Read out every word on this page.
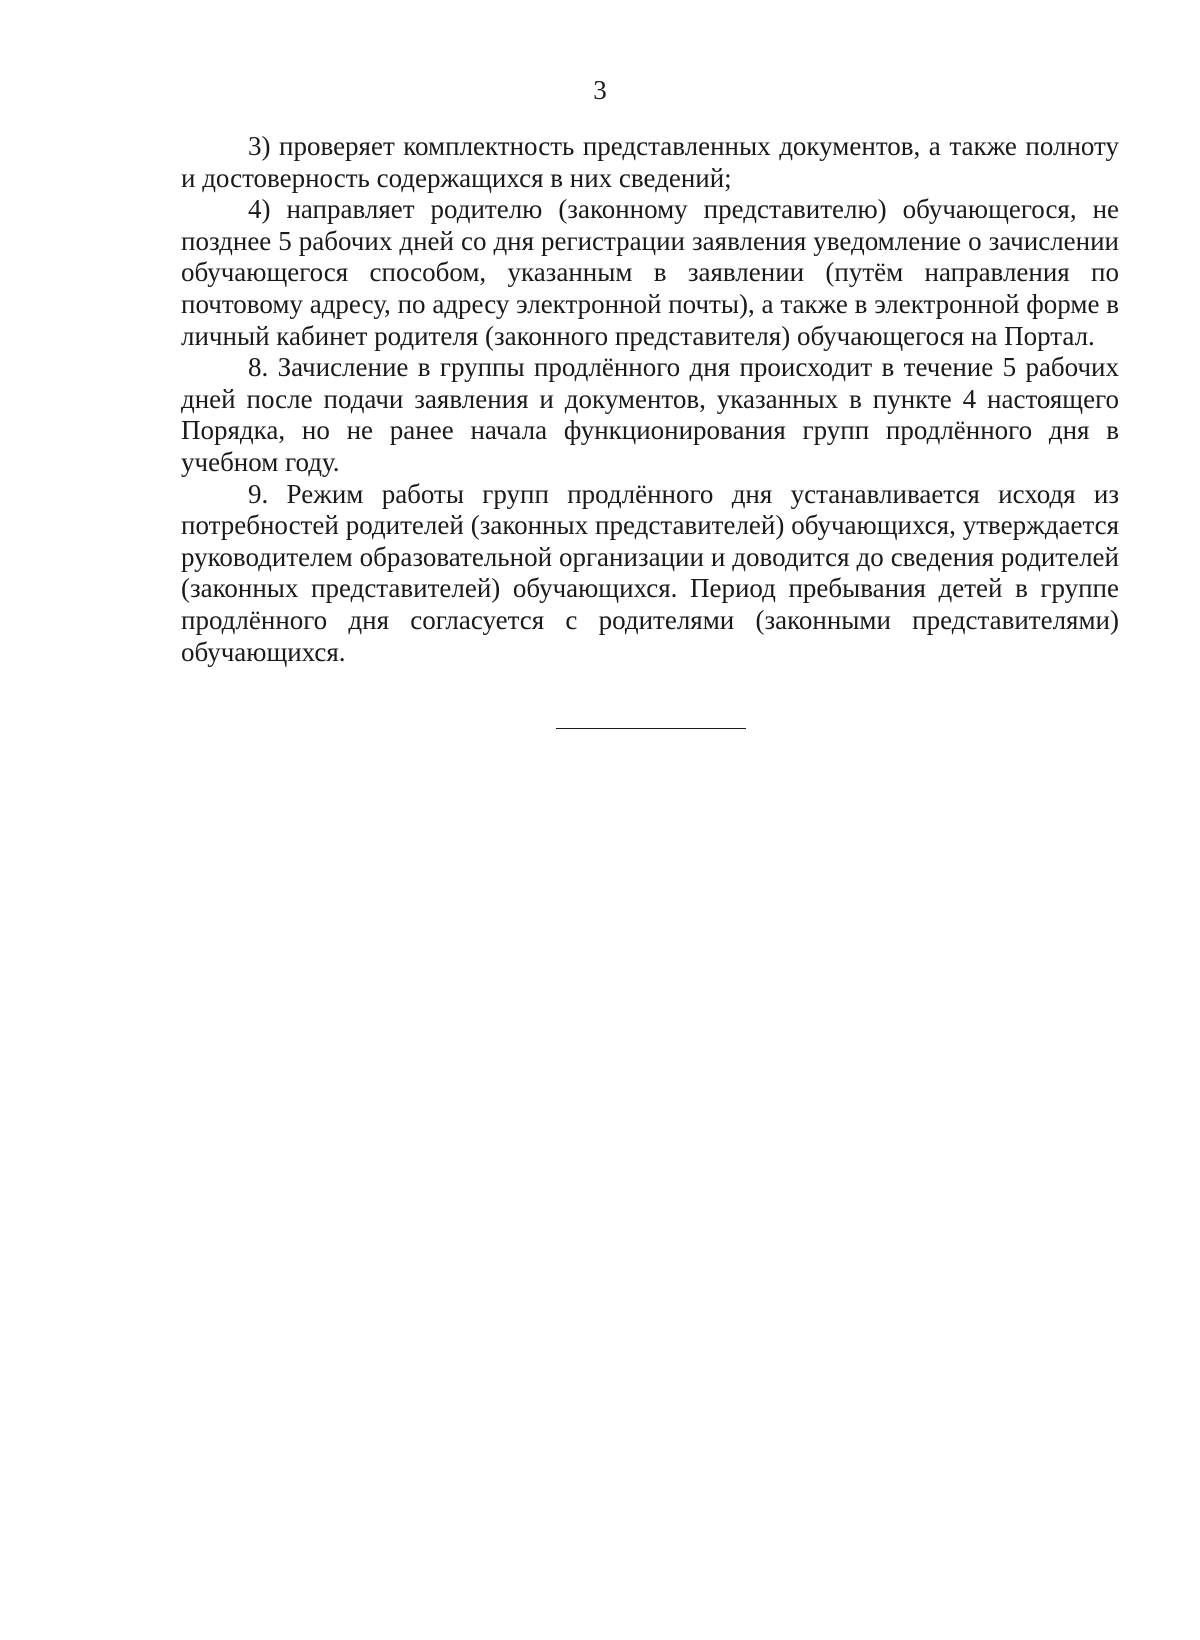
3

3) проверяет комплектность представленных документов, а также полноту и достоверность содержащихся в них сведений;

4) направляет родителю (законному представителю) обучающегося, не позднее 5 рабочих дней со дня регистрации заявления уведомление о зачислении обучающегося способом, указанным в заявлении (путём направления по почтовому адресу, по адресу электронной почты), а также в электронной форме в личный кабинет родителя (законного представителя) обучающегося на Портал.

8. Зачисление в группы продлённого дня происходит в течение 5 рабочих дней после подачи заявления и документов, указанных в пункте 4 настоящего Порядка, но не ранее начала функционирования групп продлённого дня в учебном году.

9. Режим работы групп продлённого дня устанавливается исходя из потребностей родителей (законных представителей) обучающихся, утверждается руководителем образовательной организации и доводится до сведения родителей (законных представителей) обучающихся. Период пребывания детей в группе продлённого дня согласуется с родителями (законными представителями) обучающихся.
